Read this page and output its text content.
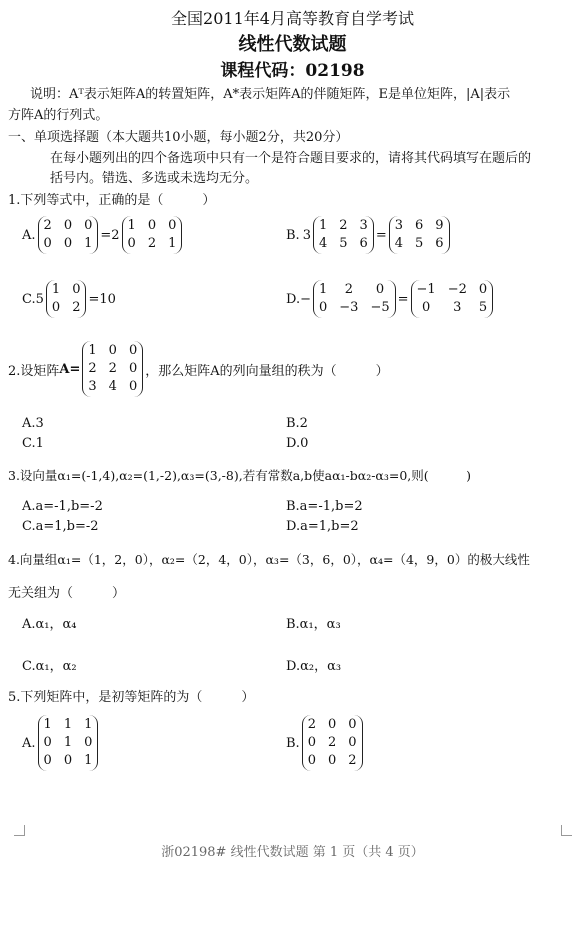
全国2011年4月高等教育自学考试
线性代数试题
课程代码：02198
说明：Aᵀ表示矩阵A的转置矩阵，A*表示矩阵A的伴随矩阵，E是单位矩阵，|A|表示
方阵A的行列式。
一、单项选择题（本大题共10小题，每小题2分，共20分）
在每小题列出的四个备选项中只有一个是符合题目要求的，请将其代码填写在题后的
括号内。错选、多选或未选均无分。
1.下列等式中，正确的是（　　　）
A.
2 0 0
0 0 1
=2
1 0 0
0 2 1
B. 3
1 2 3
4 5 6
=
3 6 9
4 5 6
C. 5
1 0
0 2
=10	D. −
1	2	0
0 −3 −5
=
−1 −2 0
0	3	5
2.设矩阵 A=
1 0 0
2 2 0
3 4 0
，那么矩阵A的列向量组的秩为（　　　）
A.3	B.2
C.1	D.0
3.设向量α₁=(-1,4),α₂=(1,-2),α₃=(3,-8),若有常数a,b使aα₁-bα₂-α₃=0,则(　　　)
A.a=-1,b=-2	B.a=-1,b=2
C.a=1,b=-2	D.a=1,b=2
4.向量组α₁=（1，2，0），α₂=（2，4，0），α₃=（3，6，0），α₄=（4，9，0）的极大线性
无关组为（　　　）
A.α₁，α₄	B.α₁，α₃
C.α₁，α₂	D.α₂，α₃
5.下列矩阵中，是初等矩阵的为（　　　）
A.
1 1 1
0 1 0
0 0 1
B.
2 0 0
0 2 0
0 0 2
浙02198# 线性代数试题 第 1 页（共 4 页）
